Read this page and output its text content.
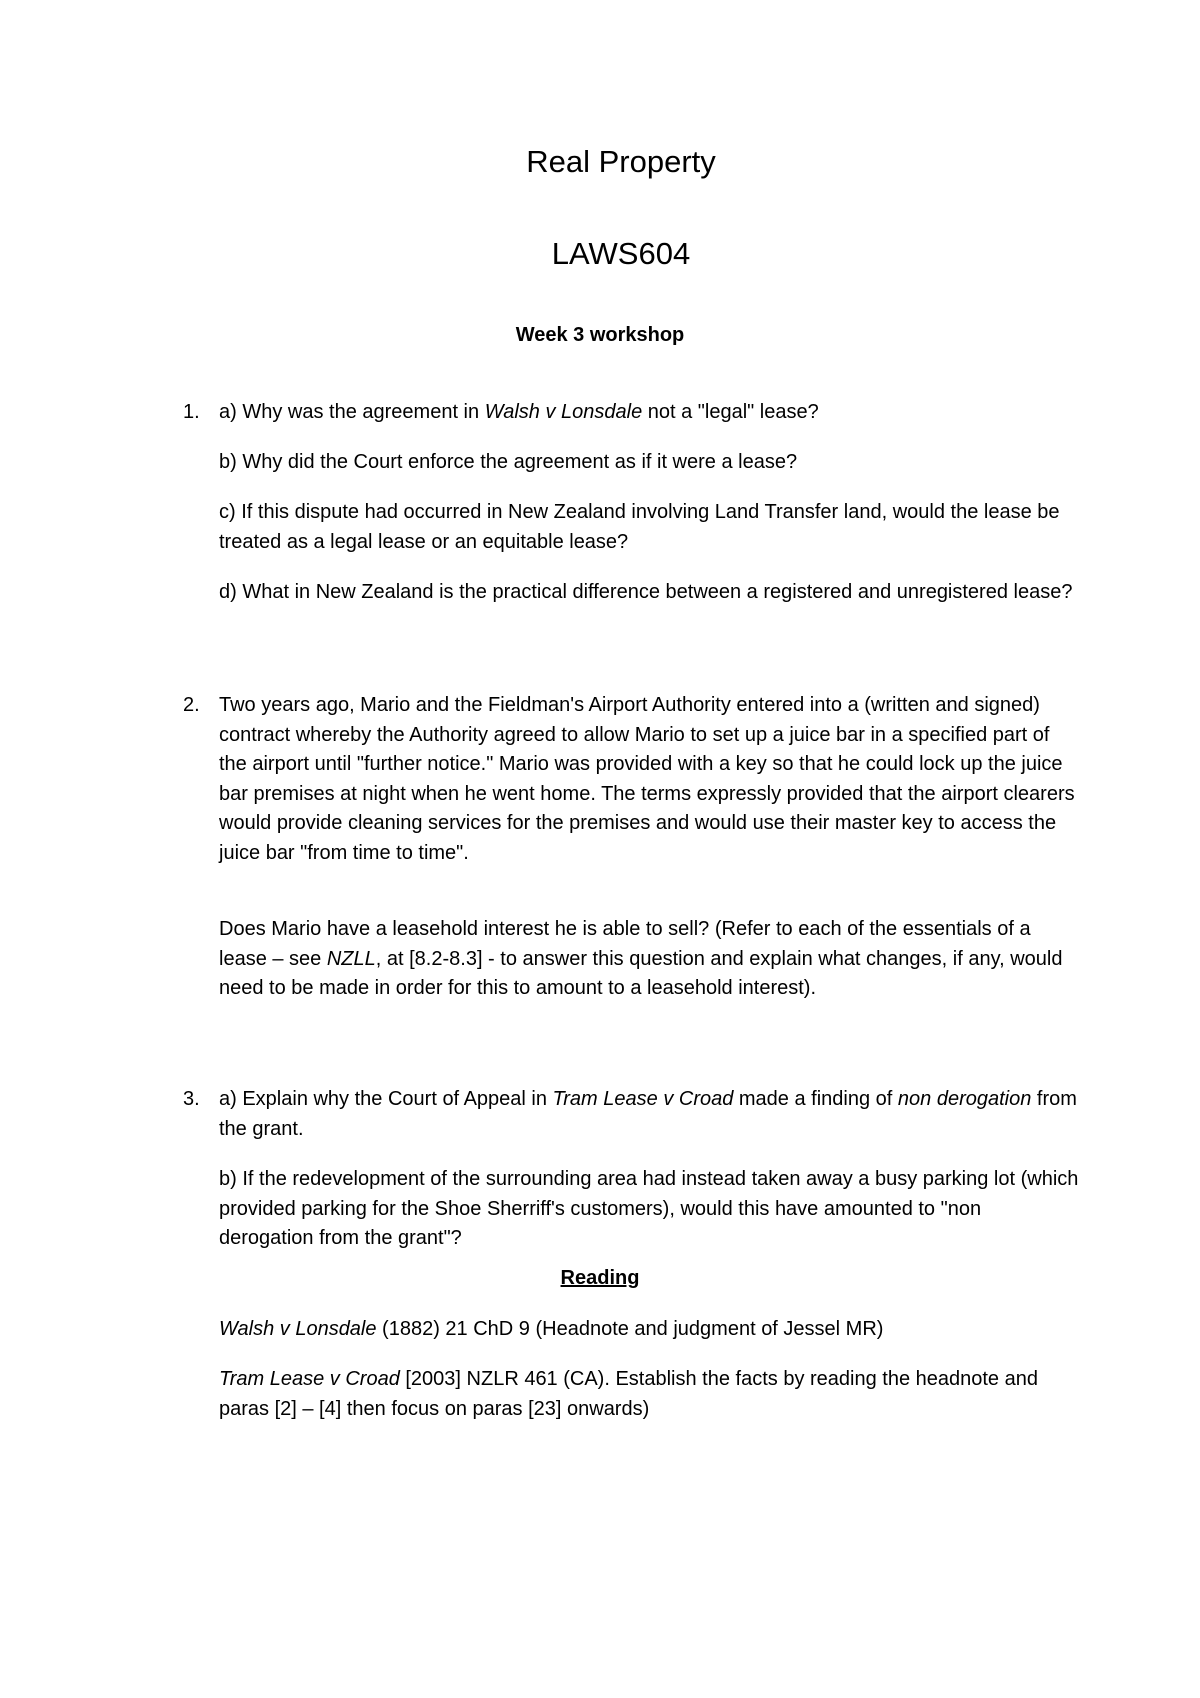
Real Property
LAWS604
Week 3 workshop
1. a) Why was the agreement in Walsh v Lonsdale not a "legal" lease?

b) Why did the Court enforce the agreement as if it were a lease?

c) If this dispute had occurred in New Zealand involving Land Transfer land, would the lease be treated as a legal lease or an equitable lease?

d) What in New Zealand is the practical difference between a registered and unregistered lease?

2. Two years ago, Mario and the Fieldman's Airport Authority entered into a (written and signed) contract whereby the Authority agreed to allow Mario to set up a juice bar in a specified part of the airport until "further notice." Mario was provided with a key so that he could lock up the juice bar premises at night when he went home. The terms expressly provided that the airport clearers would provide cleaning services for the premises and would use their master key to access the juice bar "from time to time".

Does Mario have a leasehold interest he is able to sell? (Refer to each of the essentials of a lease – see NZLL, at [8.2-8.3] - to answer this question and explain what changes, if any, would need to be made in order for this to amount to a leasehold interest).

3. a) Explain why the Court of Appeal in Tram Lease v Croad made a finding of non derogation from the grant.

b) If the redevelopment of the surrounding area had instead taken away a busy parking lot (which provided parking for the Shoe Sherriff's customers), would this have amounted to "non derogation from the grant"?

Reading

Walsh v Lonsdale (1882) 21 ChD 9 (Headnote and judgment of Jessel MR)

Tram Lease v Croad [2003] NZLR 461 (CA). Establish the facts by reading the headnote and paras [2] – [4] then focus on paras [23] onwards)
